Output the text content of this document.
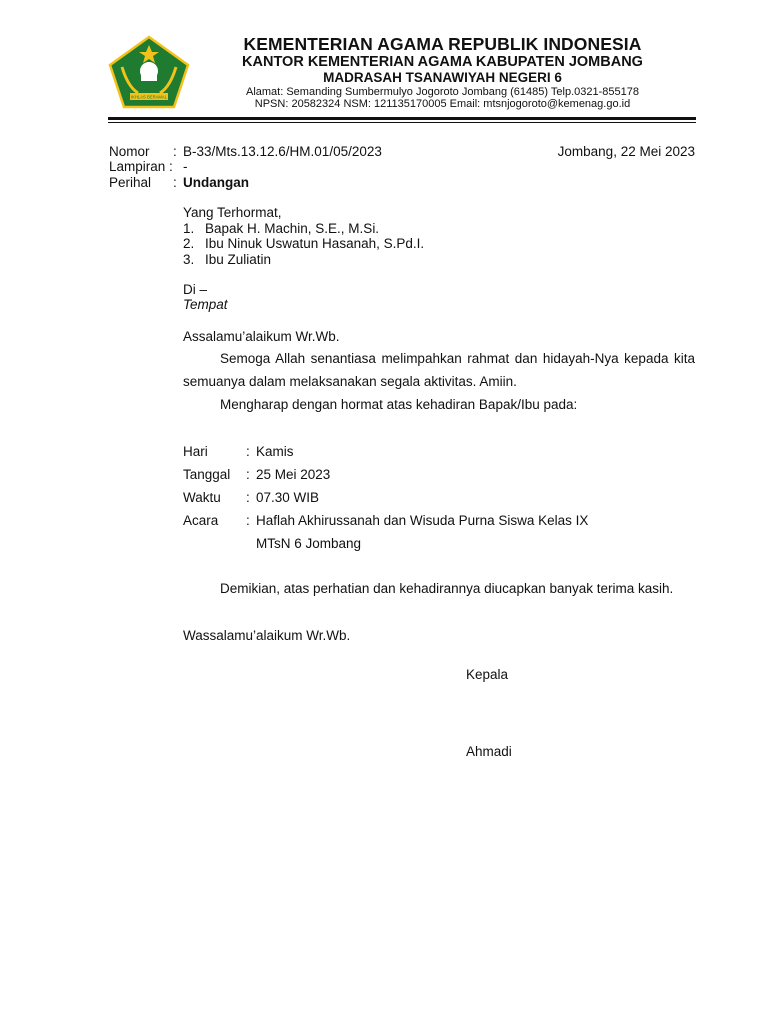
IKHLAS BERAMAL
KEMENTERIAN AGAMA REPUBLIK INDONESIA
KANTOR KEMENTERIAN AGAMA KABUPATEN JOMBANG
MADRASAH TSANAWIYAH NEGERI 6
Alamat: Semanding Sumbermulyo Jogoroto Jombang (61485) Telp.0321-855178
NPSN: 20582324 NSM: 121135170005 Email: mtsnjogoroto@kemenag.go.id
Nomor : B-33/Mts.13.12.6/HM.01/05/2023	Jombang, 22 Mei 2023
Lampiran : -
Perihal : Undangan
Yang Terhormat,
1. Bapak H. Machin, S.E., M.Si.
2. Ibu Ninuk Uswatun Hasanah, S.Pd.I.
3. Ibu Zuliatin
Di –
Tempat
Assalamu’alaikum Wr.Wb.
Semoga Allah senantiasa melimpahkan rahmat dan hidayah-Nya kepada kita semuanya dalam melaksanakan segala aktivitas. Amiin.
Mengharap dengan hormat atas kehadiran Bapak/Ibu pada:
Hari	: Kamis
Tanggal : 25 Mei 2023
Waktu : 07.30 WIB
Acara : Haflah Akhirussanah dan Wisuda Purna Siswa Kelas IX
MTsN 6 Jombang
Demikian, atas perhatian dan kehadirannya diucapkan banyak terima kasih.
Wassalamu’alaikum Wr.Wb.
Kepala
Ahmadi
